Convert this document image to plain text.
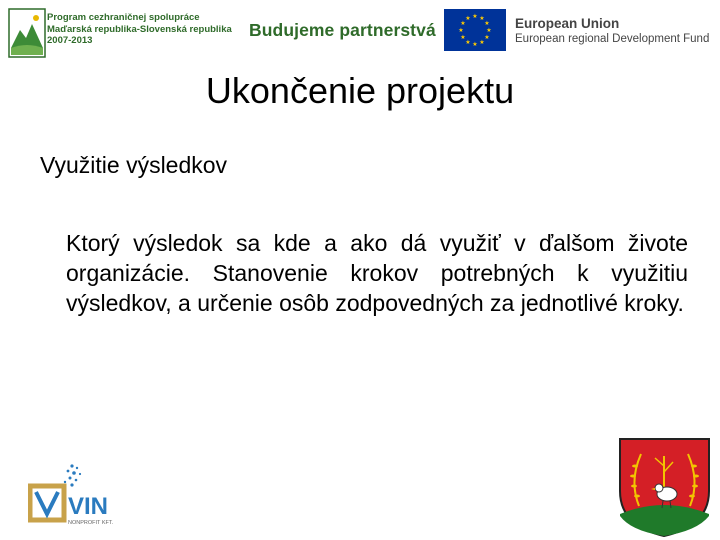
Program cezhraničnej spolupráce
Maďarská republika-Slovenská republika
2007-2013
Budujeme partnerstvá
★ ★
★
★
★
★
★
★
★
★
★
★	European Union
European regional Development Fund
Ukončenie projektu

Využitie výsledkov

Ktorý výsledok sa kde a ako dá využiť v ďalšom živote organizácie. Stanovenie krokov potrebných k využitiu výsledkov, a určenie osôb zodpovedných za jednotlivé kroky.

VIN
NONPROFIT KFT.
